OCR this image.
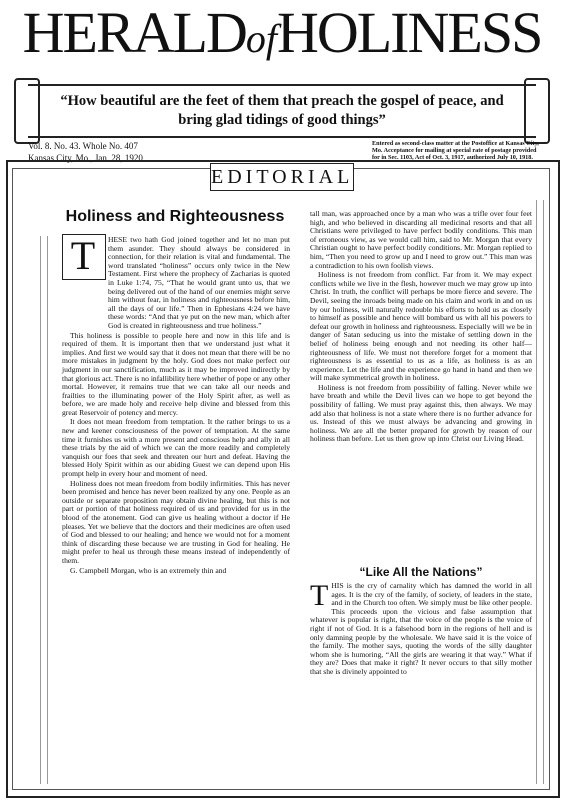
HERALDofHOLINESS
“How beautiful are the feet of them that preach the gospel of peace, and bring glad tidings of good things”
Vol. 8. No. 43. Whole No. 407
Kansas City, Mo., Jan. 28, 1920
Entered as second-class matter at the Postoffice at Kansas City, Mo. Acceptance for mailing at special rate of postage provided for in Sec. 1103, Act of Oct. 3, 1917, authorized July 10, 1918.
EDITORIAL
Holiness and Righteousness
T	HESE two hath God joined together and let no man put them asunder. They should always be considered in connection, for their relation is vital and fundamental. The word translated “holiness” occurs only twice in the New Testament. First where the prophecy of Zacharias is quoted in Luke 1:74, 75, “That he would grant unto us, that we being delivered out of the hand of our enemies might serve him without fear, in holiness and righteousness before him, all the days of our life.” Then in Ephesians 4:24 we have these words: “And that ye put on the new man, which after God is created in righteousness and true holiness.”

This holiness is possible to people here and now in this life and is required of them. It is important then that we understand just what it implies. And first we would say that it does not mean that there will be no more mistakes in judgment by the holy. God does not make perfect our judgment in our sanctification, much as it may be improved indirectly by that glorious act. There is no infallibility here whether of pope or any other mortal. However, it remains true that we can take all our needs and frailties to the illuminating power of the Holy Spirit after, as well as before, we are made holy and receive help divine and blessed from this great Reservoir of potency and mercy.

It does not mean freedom from temptation. It the rather brings to us a new and keener consciousness of the power of temptation. At the same time it furnishes us with a more present and conscious help and ally in all these trials by the aid of which we can the more readily and completely vanquish our foes that seek and threaten our hurt and defeat. Having the blessed Holy Spirit within as our abiding Guest we can depend upon His prompt help in every hour and moment of need.

Holiness does not mean freedom from bodily infirmities. This has never been promised and hence has never been realized by any one. People as an outside or separate proposition may obtain divine healing, but this is not part or portion of that holiness required of us and provided for us in the blood of the atonement. God can give us healing without a doctor if He pleases. Yet we believe that the doctors and their medicines are often used of God and blessed to our healing; and hence we would not for a moment think of discarding these because we are trusting in God for healing. He might prefer to heal us through these means instead of independently of them.

G. Campbell Morgan, who is an extremely thin and

tall man, was approached once by a man who was a trifle over four feet high, and who believed in discarding all medicinal resorts and that all Christians were privileged to have perfect bodily conditions. This man of erroneous view, as we would call him, said to Mr. Morgan that every Christian ought to have perfect bodily conditions. Mr. Morgan replied to him, “Then you need to grow up and I need to grow out.” This man was a contradiction to his own foolish views.

Holiness is not freedom from conflict. Far from it. We may expect conflicts while we live in the flesh, however much we may grow up into Christ. In truth, the conflict will perhaps be more fierce and severe. The Devil, seeing the inroads being made on his claim and work in and on us by our holiness, will naturally redouble his efforts to hold us as closely to himself as possible and hence will bombard us with all his powers to defeat our growth in holiness and righteousness. Especially will we be in danger of Satan seducing us into the mistake of settling down in the belief of holiness being enough and not needing its other half—righteousness of life. We must not therefore forget for a moment that righteousness is as essential to us as a life, as holiness is as an experience. Let the life and the experience go hand in hand and then we will make symmetrical growth in holiness.

Holiness is not freedom from possibility of falling. Never while we have breath and while the Devil lives can we hope to get beyond the possibility of falling. We must pray against this, then always. We may add also that holiness is not a state where there is no further advance for us. Instead of this we must always be advancing and growing in holiness. We are all the better prepared for growth by reason of our holiness than before. Let us then grow up into Christ our Living Head.

“Like All the Nations”
T HIS is the cry of carnality which has damned the world in all ages. It is the cry of the family, of society, of leaders in the state, and in the Church too often. We simply must be like other people. This proceeds upon the vicious and false assumption that whatever is popular is right, that the voice of the people is the voice of right if not of God. It is a falsehood born in the regions of hell and is only damning people by the wholesale. We have said it is the voice of the family. The mother says, quoting the words of the silly daughter whom she is humoring, “All the girls are wearing it that way.” What if they are? Does that make it right? It never occurs to that silly mother that she is divinely appointed to
